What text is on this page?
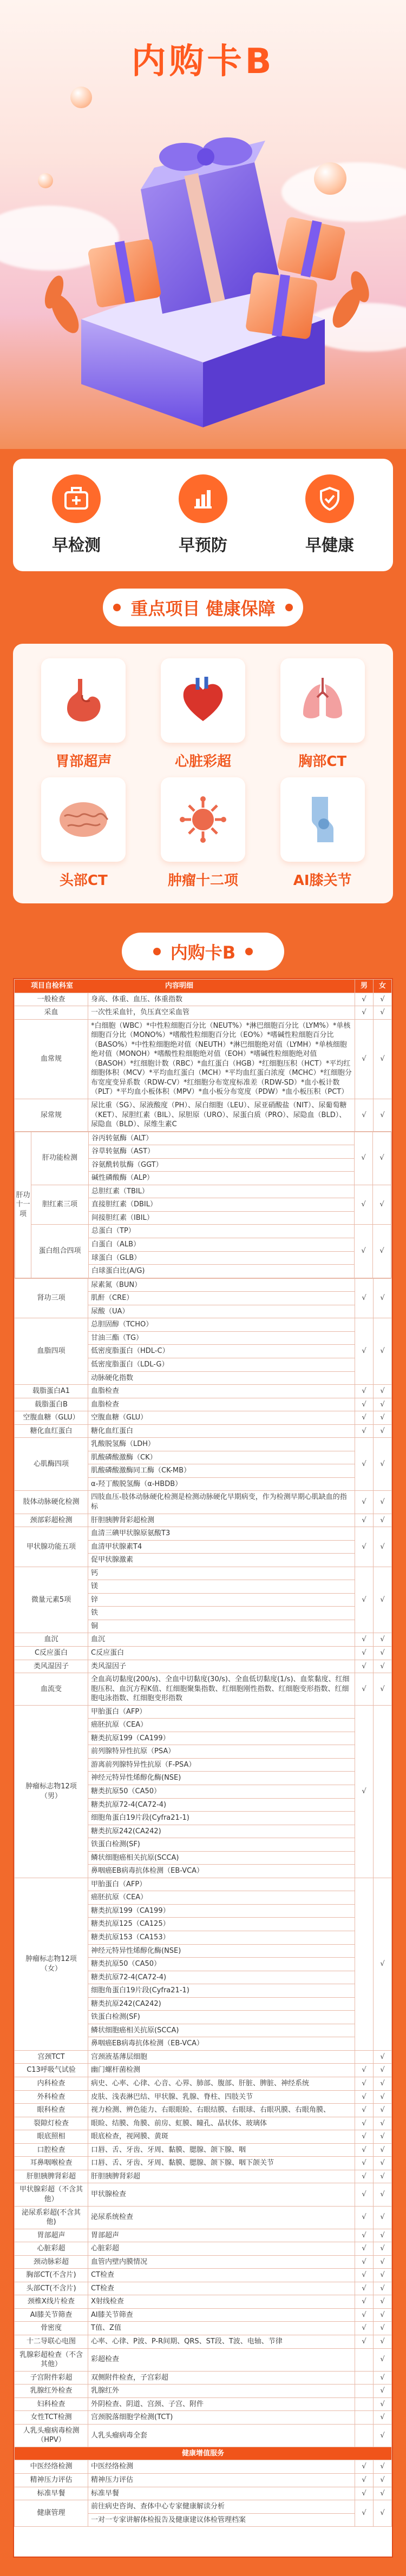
内购卡B
早检测	早预防	早健康
重点项目 健康保障
胃部超声	心脏彩超	胸部CT
头部CT	肿瘤十二项	AI膝关节
内购卡B
项目自检科室	内容明细	男	女
一般检查	身高、体重、血压、体重指数	√	√
采血	一次性采血针，负压真空采血管	√	√
血常规	*白细胞（WBC）*中性粒细胞百分比（NEUT%）*淋巴细胞百分比（LYM%）*单核细胞百分比（MONO%）*嗜酸性粒细胞百分比（EO%）*嗜碱性粒细胞百分比（BASO%）*中性粒细胞绝对值（NEUTH）*淋巴细胞绝对值（LYMH）*单核细胞绝对值（MONOH）*嗜酸性粒细胞绝对值（EOH）*嗜碱性粒细胞绝对值（BASOH）*红细胞计数（RBC）*血红蛋白（HGB）*红细胞压积（HCT）*平均红细胞体积（MCV）*平均血红蛋白（MCH）*平均血红蛋白浓度（MCHC）*红细胞分布宽度变异系数（RDW-CV）*红细胞分布宽度标准差（RDW-SD）*血小板计数（PLT）*平均血小板体积（MPV）*血小板分布宽度（PDW）*血小板压积（PCT）	√	√
尿常规	尿比重（SG）、尿液酸度（PH）、尿白细胞（LEU）、尿亚硝酸盐（NIT）、尿葡萄糖（KET）、尿胆红素（BIL）、尿胆原（URO）、尿蛋白质（PRO）、尿隐血（BLD）、尿隐血（BLD）、尿维生素C	√	√

肝功十一项	肝功能检测	谷丙转氨酶（ALT）	√	√
谷草转氨酶（AST）
谷氨酰转肽酶（GGT）
碱性磷酸酶（ALP）
胆红素三项	总胆红素（TBIL）	√	√
直接胆红素（DBIL）
间接胆红素（IBIL）
蛋白组合四项	总蛋白（TP）	√	√
白蛋白（ALB）
球蛋白（GLB）
白球蛋白比(A/G)

肾功三项	尿素氮（BUN）	√	√
肌酐（CRE）
尿酸（UA）
血脂四项	总胆固醇（TCHO）	√	√
甘油三酯（TG）
低密度脂蛋白（HDL-C）
低密度脂蛋白（LDL-G）
动脉硬化指数
载脂蛋白A1	血脂检查	√	√
载脂蛋白B	血脂检查	√	√
空腹血糖（GLU）	空腹血糖（GLU）	√	√
糖化血红蛋白	糖化血红蛋白	√	√
心肌酶四项	乳酸脱氢酶（LDH）	√	√
肌酸磷酸激酶（CK）
肌酸磷酸激酶同工酶（CK-MB）
α-羟丁酸脱氢酶（α-HBDB）
肢体动脉硬化检测	四肢血压-肢体动脉硬化检测是检测动脉硬化早期病变，作为检测早期心肌缺血的指标	√	√
颈部彩超检测	肝胆胰脾肾彩超检测	√	√
甲状腺功能五项	血清三碘甲状腺原氨酸T3	√	√
血清甲状腺素T4
促甲状腺激素
微量元素5项	钙	√	√
镁
锌
铁
铜
血沉	血沉	√	√
C反应蛋白	C反应蛋白	√	√
类风湿因子	类风湿因子	√	√
血流变	全血高切黏度(200/s)、全血中切黏度(30/s)、全血低切黏度(1/s)、血浆黏度、红细胞压积、血沉方程K值、红细胞聚集指数、红细胞刚性指数、红细胞变形指数、红细胞电泳指数、红细胞变形指数	√	√
肿瘤标志物12项（男）	甲胎蛋白（AFP）	√	
癌胚抗原（CEA）
糖类抗原199（CA199）
前列腺特异性抗原（PSA）
游离前列腺特异性抗原（F-PSA）
神经元特异性烯醇化酶(NSE)
糖类抗原50（CA50）
糖类抗原72-4(CA72-4)
细胞角蛋白19片段(Cyfra21-1)
糖类抗原242(CA242)
铁蛋白检测(SF)
鳞状细胞癌相关抗原(SCCA)
鼻咽癌EB病毒抗体检测（EB-VCA）
肿瘤标志物12项（女）	甲胎蛋白（AFP）		√
癌胚抗原（CEA）
糖类抗原199（CA199）
糖类抗原125（CA125）
糖类抗原153（CA153）
神经元特异性烯醇化酶(NSE)
糖类抗原50（CA50）
糖类抗原72-4(CA72-4)
细胞角蛋白19片段(Cyfra21-1)
糖类抗原242(CA242)
铁蛋白检测(SF)
鳞状细胞癌相关抗原(SCCA)
鼻咽癌EB病毒抗体检测（EB-VCA）
宫颈TCT	宫颈液基薄层细胞		√
C13呼吸气试验	幽门螺杆菌检测	√	√
内科检查	病史、心率、心律、心音、心界、肺部、腹部、肝脏、脾脏、神经系统	√	√
外科检查	皮肤、浅表淋巴结、甲状腺、乳腺、脊柱、四肢关节	√	√
眼科检查	视力检测、辨色能力、右眼眼睑、右眼结膜、右眼球、右眼巩膜、右眼角膜、	√	√
裂隙灯检查	眼睑、结膜、角膜、前房、虹膜、瞳孔、晶状体、玻璃体	√	√
眼底照相	眼底检查，视网膜、黄斑	√	√
口腔检查	口唇、舌、牙齿、牙周、黏膜、腮腺、颌下腺、咽	√	√
耳鼻咽喉检查	口唇、舌、牙齿、牙周、黏膜、腮腺、颌下腺、咽下颌关节	√	√
肝胆胰脾肾彩超	肝胆胰脾肾彩超	√	√
甲状腺彩超（不含其他）	甲状腺检查	√	√
泌尿系彩超(不含其他)	泌尿系统检查	√	√
胃部超声	胃部超声	√	√
心脏彩超	心脏彩超	√	√
颈动脉彩超	血管内壁内膜情况	√	√
胸部CT(不含片)	CT检查	√	√
头部CT(不含片)	CT检查	√	√
颈椎X线片检查	X射线检查	√	√
AI膝关节筛查	AI膝关节筛查	√	√
骨密度	T值、Z值	√	√
十二导联心电图	心率、心律、P波、P-R间期、QRS、ST段、T波、电轴、节律	√	√
乳腺彩超检查（不含其他）	彩超检查		√
子宫附件彩超	双侧附件检查，子宫彩超		√
乳腺红外检查	乳腺红外		√
妇科检查	外阴检查、阴道、宫颈、子宫、附件		√
女性TCT检测	宫颈脱落细胞学检测(TCT)		√
人乳头瘤病毒检测（HPV）	人乳头瘤病毒全套		√
健康增值服务
中医经络检测	中医经络检测	√	√
精神压力评估	精神压力评估	√	√
标准早餐	标准早餐	√	√
健康管理	前往病史咨询、查体中心专家健康解读分析	√	√
一对一专家讲解体检报告及健康建议体检管理档案
